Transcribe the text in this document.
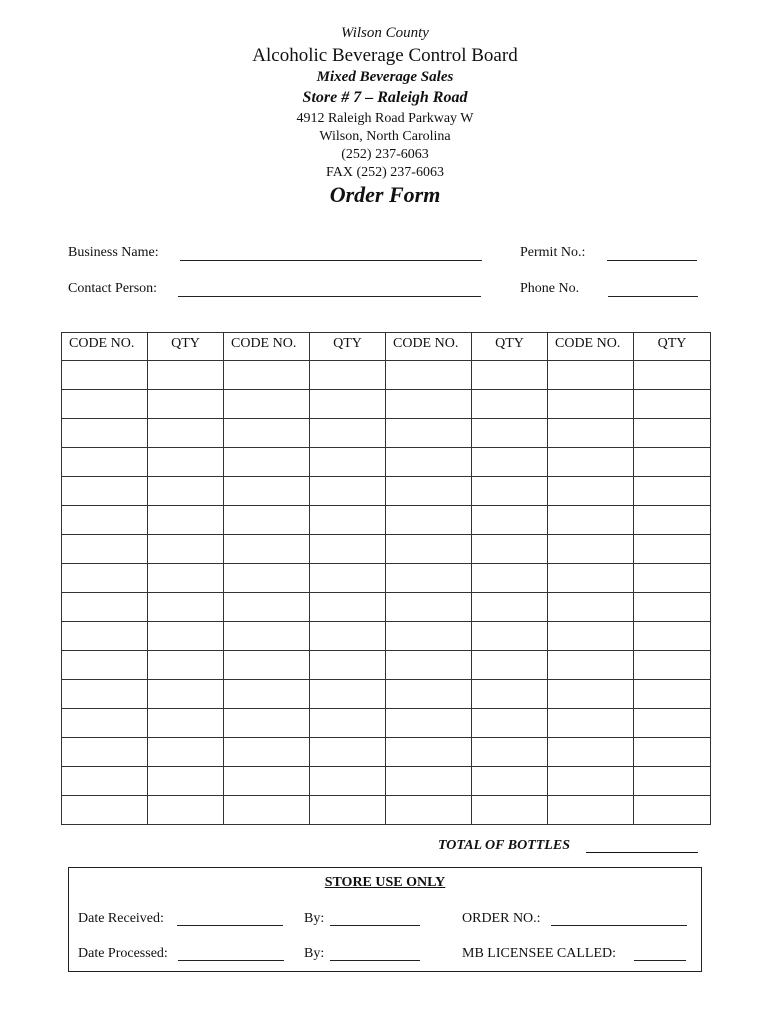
Wilson County
Alcoholic Beverage Control Board
Mixed Beverage Sales
Store # 7 – Raleigh Road
4912 Raleigh Road Parkway W
Wilson, North Carolina
(252) 237-6063
FAX (252) 237-6063
Order Form
Business Name:	Permit No.:
Contact Person:	Phone No.
CODE NO.	QTY	CODE NO.	QTY	CODE NO.	QTY	CODE NO.	QTY

TOTAL OF BOTTLES
STORE USE ONLY
Date Received:	By:	ORDER NO.:
Date Processed:	By:	MB LICENSEE CALLED:
